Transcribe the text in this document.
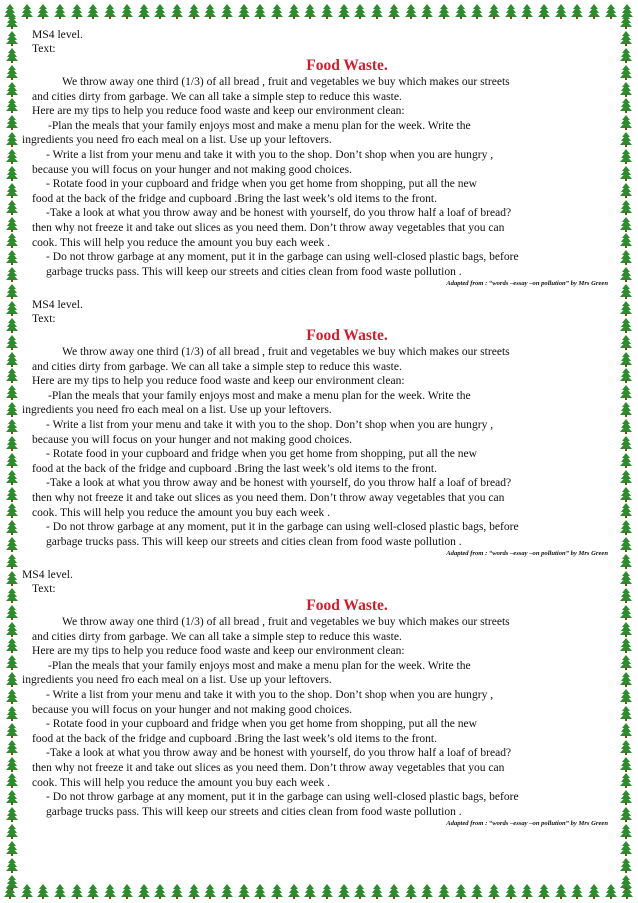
MS4 level.
Text:
Food Waste.
We throw away one third (1/3) of all bread , fruit and vegetables we buy which makes our streets
and cities dirty from garbage. We can all take a simple step to reduce this waste.
Here are my tips to help you reduce food waste and keep our environment clean:
-Plan the meals that your family enjoys most and make a menu plan for the week. Write the
ingredients you need fro each meal on a list. Use up your leftovers.
- Write a list from your menu and take it with you to the shop. Don’t shop when you are hungry ,
because you will focus on your hunger and not making good choices.
- Rotate food in your cupboard and fridge when you get home from shopping, put all the new
food at the back of the fridge and cupboard .Bring the last week’s old items to the front.
-Take a look at what you throw away and be honest with yourself, do you throw half a loaf of bread?
then why not freeze it and take out slices as you need them. Don’t throw away vegetables that you can
cook. This will help you reduce the amount you buy each week .
- Do not throw garbage at any moment, put it in the garbage can using well-closed plastic bags, before
garbage trucks pass. This will keep our streets and cities clean from food waste pollution .
Adapted from : “words –essay –on pollution” by Mrs Green
MS4 level.
Text:
Food Waste.
We throw away one third (1/3) of all bread , fruit and vegetables we buy which makes our streets
and cities dirty from garbage. We can all take a simple step to reduce this waste.
Here are my tips to help you reduce food waste and keep our environment clean:
-Plan the meals that your family enjoys most and make a menu plan for the week. Write the
ingredients you need fro each meal on a list. Use up your leftovers.
- Write a list from your menu and take it with you to the shop. Don’t shop when you are hungry ,
because you will focus on your hunger and not making good choices.
- Rotate food in your cupboard and fridge when you get home from shopping, put all the new
food at the back of the fridge and cupboard .Bring the last week’s old items to the front.
-Take a look at what you throw away and be honest with yourself, do you throw half a loaf of bread?
then why not freeze it and take out slices as you need them. Don’t throw away vegetables that you can
cook. This will help you reduce the amount you buy each week .
- Do not throw garbage at any moment, put it in the garbage can using well-closed plastic bags, before
garbage trucks pass. This will keep our streets and cities clean from food waste pollution .
Adapted from : “words –essay –on pollution” by Mrs Green
MS4 level.
Text:
Food Waste.
We throw away one third (1/3) of all bread , fruit and vegetables we buy which makes our streets
and cities dirty from garbage. We can all take a simple step to reduce this waste.
Here are my tips to help you reduce food waste and keep our environment clean:
-Plan the meals that your family enjoys most and make a menu plan for the week. Write the
ingredients you need fro each meal on a list. Use up your leftovers.
- Write a list from your menu and take it with you to the shop. Don’t shop when you are hungry ,
because you will focus on your hunger and not making good choices.
- Rotate food in your cupboard and fridge when you get home from shopping, put all the new
food at the back of the fridge and cupboard .Bring the last week’s old items to the front.
-Take a look at what you throw away and be honest with yourself, do you throw half a loaf of bread?
then why not freeze it and take out slices as you need them. Don’t throw away vegetables that you can
cook. This will help you reduce the amount you buy each week .
- Do not throw garbage at any moment, put it in the garbage can using well-closed plastic bags, before
garbage trucks pass. This will keep our streets and cities clean from food waste pollution .
Adapted from : “words –essay –on pollution” by Mrs Green
